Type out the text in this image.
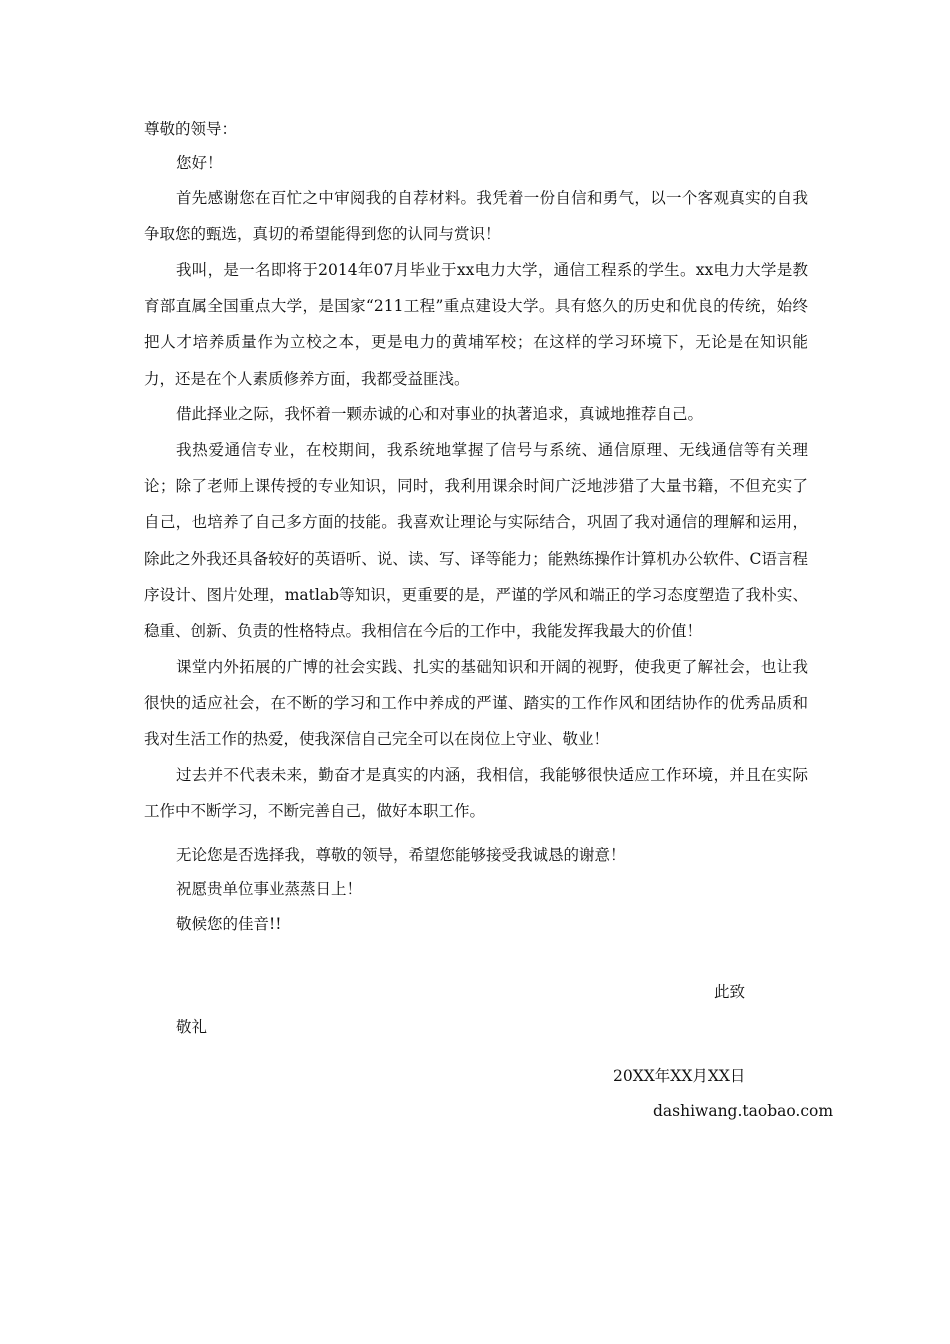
尊敬的领导：
您好！

首先感谢您在百忙之中审阅我的自荐材料。我凭着一份自信和勇气，以一个客观真实的自我争取您的甄选，真切的希望能得到您的认同与赏识！

我叫，是一名即将于2014年07月毕业于xx电力大学，通信工程系的学生。xx电力大学是教育部直属全国重点大学，是国家“211工程”重点建设大学。具有悠久的历史和优良的传统，始终把人才培养质量作为立校之本，更是电力的黄埔军校；在这样的学习环境下，无论是在知识能力，还是在个人素质修养方面，我都受益匪浅。

借此择业之际，我怀着一颗赤诚的心和对事业的执著追求，真诚地推荐自己。

我热爱通信专业，在校期间，我系统地掌握了信号与系统、通信原理、无线通信等有关理论；除了老师上课传授的专业知识，同时，我利用课余时间广泛地涉猎了大量书籍，不但充实了自己，也培养了自己多方面的技能。我喜欢让理论与实际结合，巩固了我对通信的理解和运用，除此之外我还具备较好的英语听、说、读、写、译等能力；能熟练操作计算机办公软件、C语言程序设计、图片处理，matlab等知识，更重要的是，严谨的学风和端正的学习态度塑造了我朴实、稳重、创新、负责的性格特点。我相信在今后的工作中，我能发挥我最大的价值！

课堂内外拓展的广博的社会实践、扎实的基础知识和开阔的视野，使我更了解社会，也让我很快的适应社会，在不断的学习和工作中养成的严谨、踏实的工作作风和团结协作的优秀品质和我对生活工作的热爱，使我深信自己完全可以在岗位上守业、敬业！

过去并不代表未来，勤奋才是真实的内涵，我相信，我能够很快适应工作环境，并且在实际工作中不断学习，不断完善自己，做好本职工作。

无论您是否选择我，尊敬的领导，希望您能够接受我诚恳的谢意！
祝愿贵单位事业蒸蒸日上！
敬候您的佳音!!
此致
敬礼
20XX年XX月XX日
dashiwang.taobao.com
